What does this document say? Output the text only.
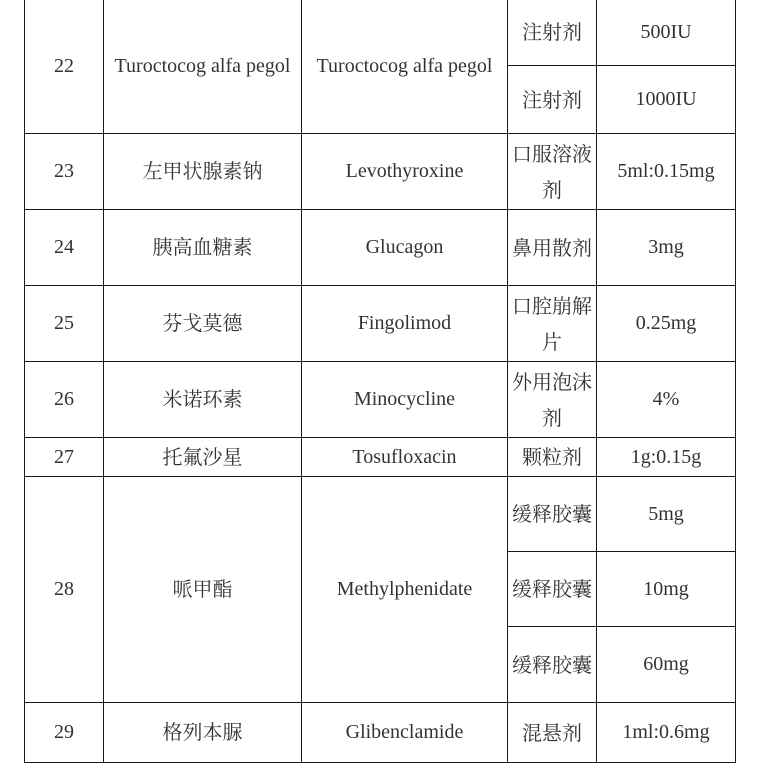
22	Turoctocog alfa pegol	Turoctocog alfa pegol	注射剂	500IU
			注射剂	1000IU
23	左甲状腺素钠	Levothyroxine	口服溶液剂	5ml:0.15mg
24	胰高血糖素	Glucagon	鼻用散剂	3mg
25	芬戈莫德	Fingolimod	口腔崩解片	0.25mg
26	米诺环素	Minocycline	外用泡沫剂	4%
27	托氟沙星	Tosufloxacin	颗粒剂	1g:0.15g
28	哌甲酯	Methylphenidate	缓释胶囊	5mg
			缓释胶囊	10mg
			缓释胶囊	60mg
29	格列本脲	Glibenclamide	混悬剂	1ml:0.6mg
